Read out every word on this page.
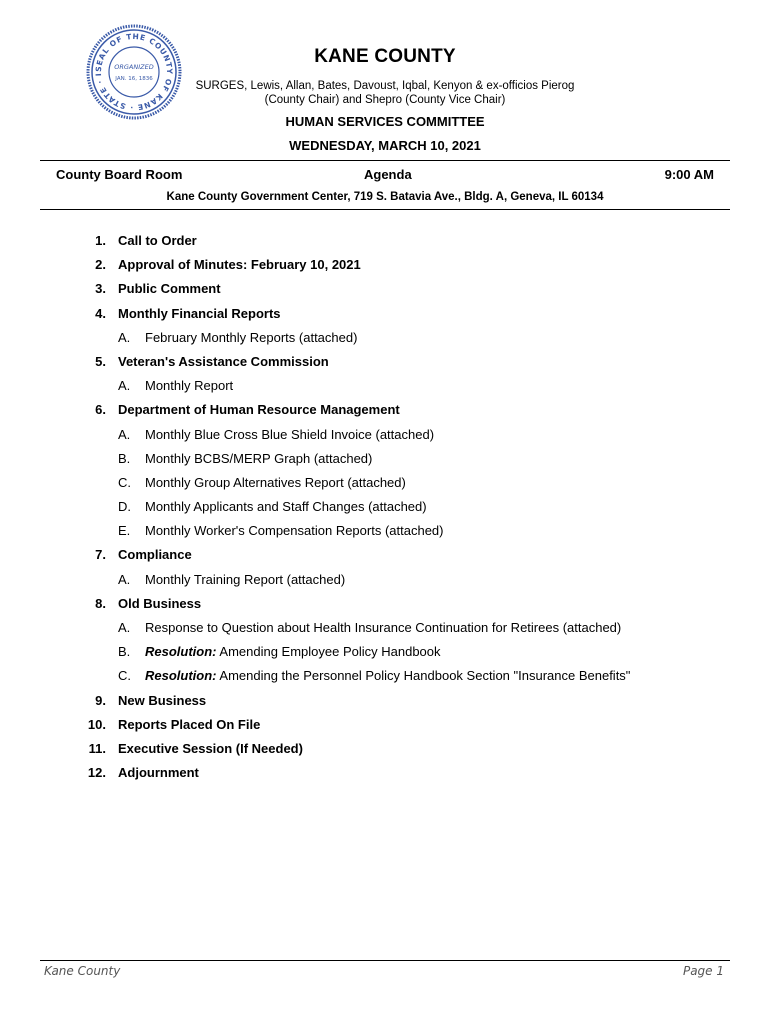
SEAL OF THE COUNTY OF KANE · STATE · I
ORGANIZED
JAN. 16, 1836
KANE COUNTY
SURGES, Lewis, Allan, Bates, Davoust, Iqbal, Kenyon & ex-officios Pierog
(County Chair) and Shepro (County Vice Chair)
HUMAN SERVICES COMMITTEE
WEDNESDAY, MARCH 10, 2021
County Board Room	Agenda	9:00 AM
Kane County Government Center, 719 S. Batavia Ave., Bldg. A, Geneva, IL 60134
1. Call to Order
2. Approval of Minutes: February 10, 2021
3. Public Comment
4. Monthly Financial Reports
A. February Monthly Reports (attached)
5. Veteran's Assistance Commission
A. Monthly Report
6. Department of Human Resource Management
A. Monthly Blue Cross Blue Shield Invoice (attached)
B. Monthly BCBS/MERP Graph (attached)
C. Monthly Group Alternatives Report (attached)
D. Monthly Applicants and Staff Changes (attached)
E. Monthly Worker's Compensation Reports (attached)
7. Compliance
A. Monthly Training Report (attached)
8. Old Business
A. Response to Question about Health Insurance Continuation for Retirees (attached)
B. Resolution: Amending Employee Policy Handbook
C. Resolution: Amending the Personnel Policy Handbook Section "Insurance Benefits"
9. New Business
10. Reports Placed On File
11. Executive Session (If Needed)
12. Adjournment
Kane County	Page 1
